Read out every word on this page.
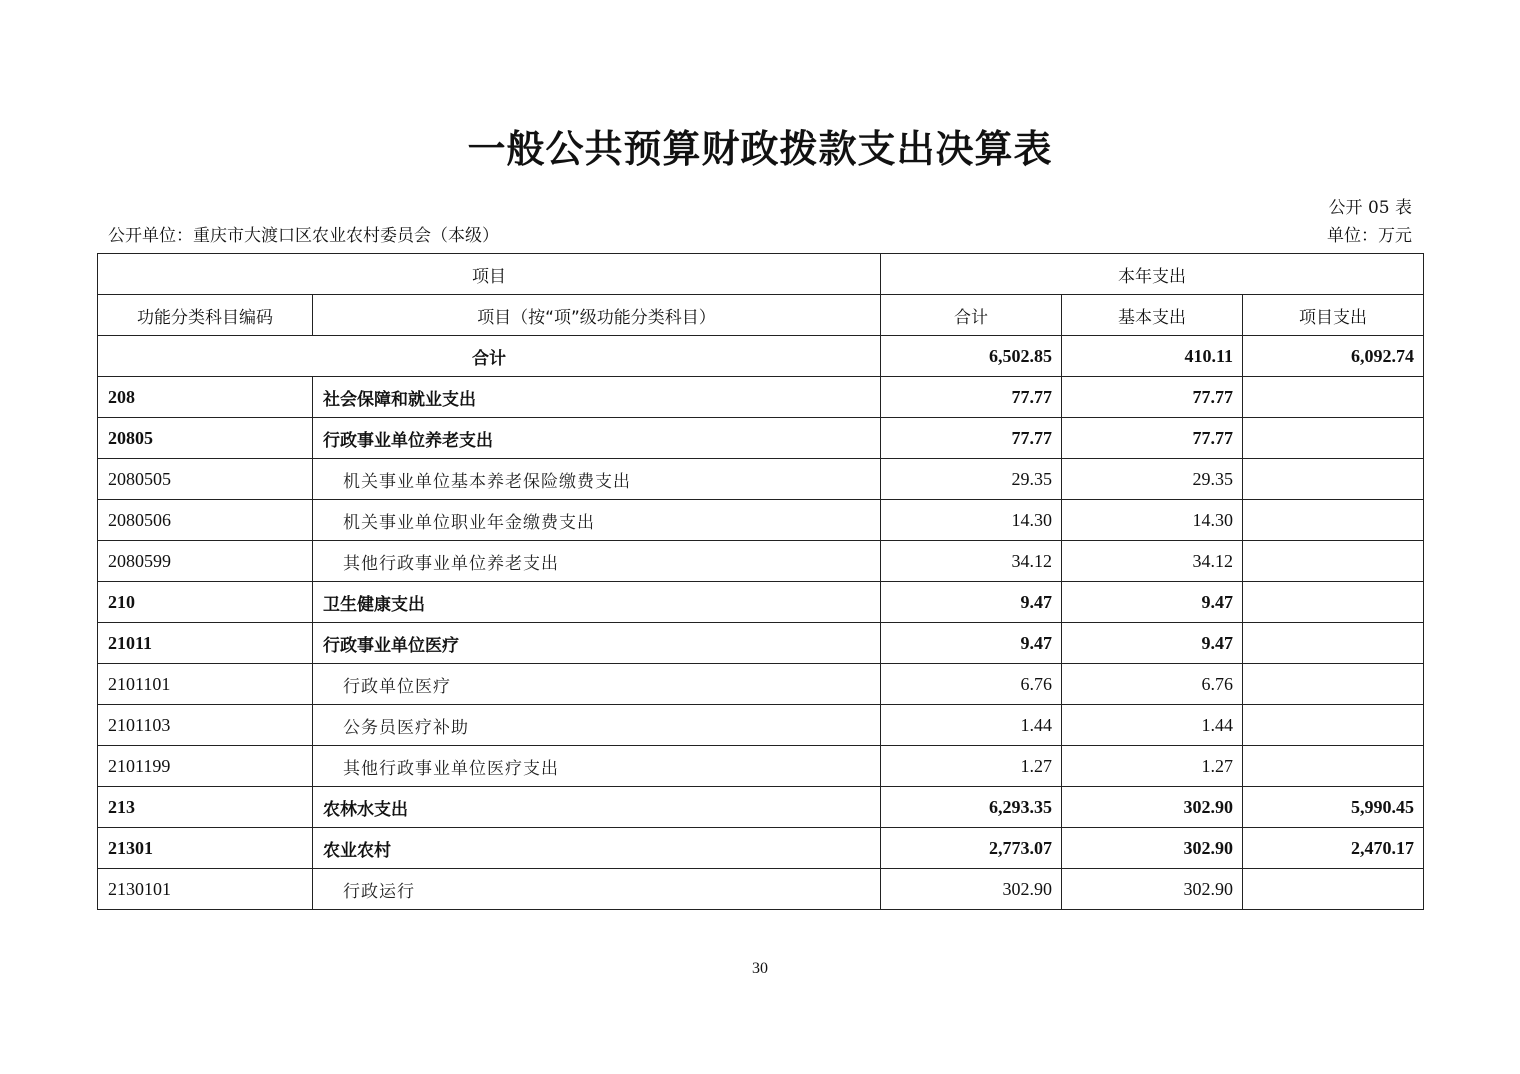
一般公共预算财政拨款支出决算表
公开 05 表
公开单位：重庆市大渡口区农业农村委员会（本级）	单位：万元
项目		本年支出		
功能分类科目编码	项目（按“项”级功能分类科目）	合计	基本支出	项目支出
合计		6,502.85	410.11	6,092.74
208	社会保障和就业支出	77.77	77.77	
20805	行政事业单位养老支出	77.77	77.77	
2080505	机关事业单位基本养老保险缴费支出	29.35	29.35	
2080506	机关事业单位职业年金缴费支出	14.30	14.30	
2080599	其他行政事业单位养老支出	34.12	34.12	
210	卫生健康支出	9.47	9.47	
21011	行政事业单位医疗	9.47	9.47	
2101101	行政单位医疗	6.76	6.76	
2101103	公务员医疗补助	1.44	1.44	
2101199	其他行政事业单位医疗支出	1.27	1.27	
213	农林水支出	6,293.35	302.90	5,990.45
21301	农业农村	2,773.07	302.90	2,470.17
2130101	行政运行	302.90	302.90	
30
